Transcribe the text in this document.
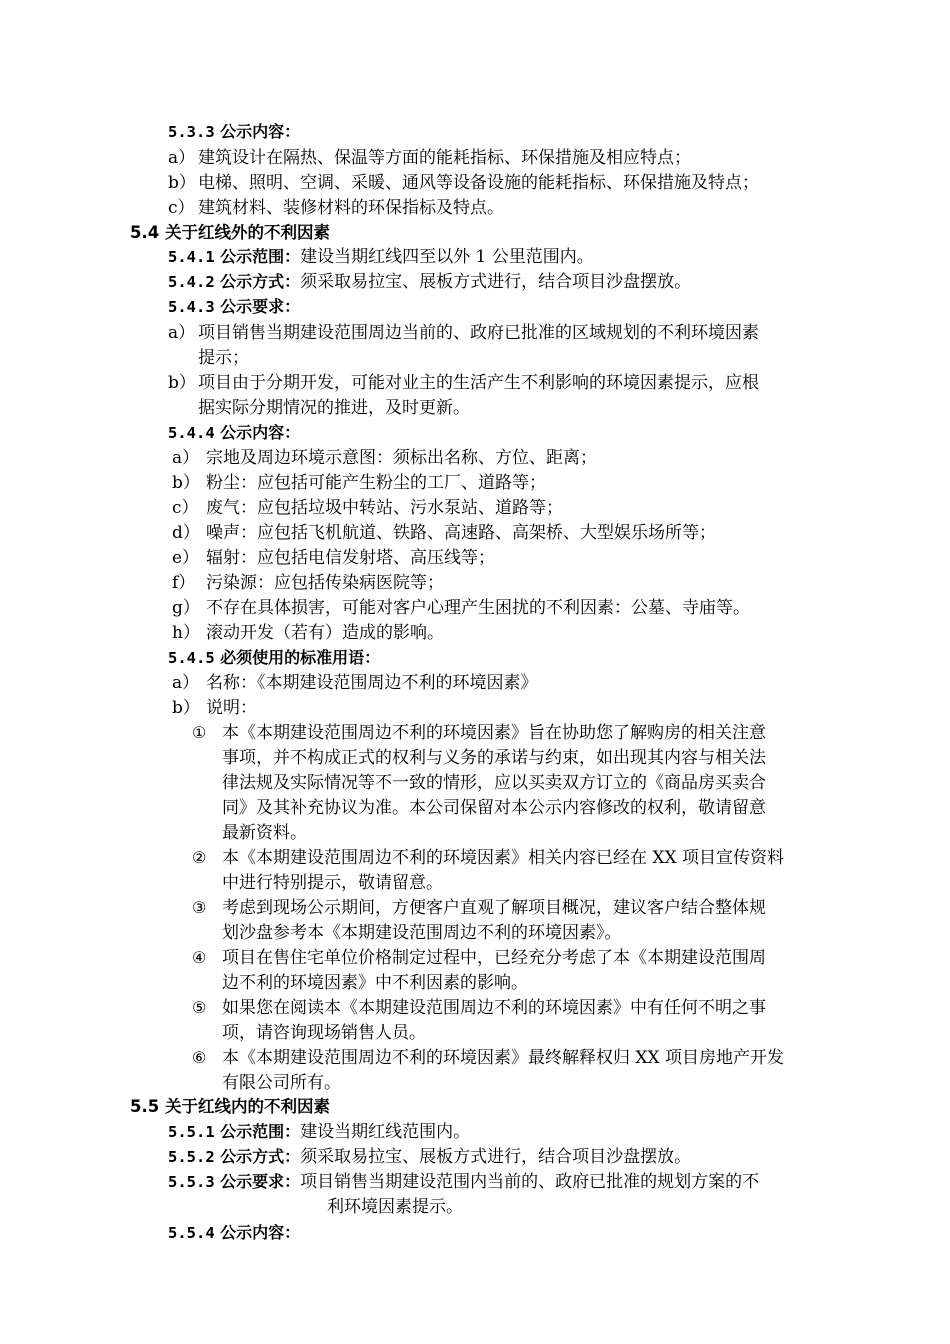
5.3.3 公示内容：
a） 建筑设计在隔热、保温等方面的能耗指标、环保措施及相应特点；
b） 电梯、照明、空调、采暖、通风等设备设施的能耗指标、环保措施及特点；
c） 建筑材料、装修材料的环保指标及特点。
5.4 关于红线外的不利因素
5.4.1 公示范围：建设当期红线四至以外 1 公里范围内。
5.4.2 公示方式：须采取易拉宝、展板方式进行，结合项目沙盘摆放。
5.4.3 公示要求：
a） 项目销售当期建设范围周边当前的、政府已批准的区域规划的不利环境因素
提示；
b） 项目由于分期开发，可能对业主的生活产生不利影响的环境因素提示，应根
据实际分期情况的推进，及时更新。
5.4.4 公示内容：
a） 宗地及周边环境示意图：须标出名称、方位、距离；
b） 粉尘：应包括可能产生粉尘的工厂、道路等；
c） 废气：应包括垃圾中转站、污水泵站、道路等；
d） 噪声：应包括飞机航道、铁路、高速路、高架桥、大型娱乐场所等；
e） 辐射：应包括电信发射塔、高压线等；
f） 污染源：应包括传染病医院等；
g） 不存在具体损害，可能对客户心理产生困扰的不利因素：公墓、寺庙等。
h） 滚动开发（若有）造成的影响。
5.4.5 必须使用的标准用语：
a） 名称：《本期建设范围周边不利的环境因素》
b） 说明：
① 本《本期建设范围周边不利的环境因素》旨在协助您了解购房的相关注意
事项，并不构成正式的权利与义务的承诺与约束，如出现其内容与相关法
律法规及实际情况等不一致的情形，应以买卖双方订立的《商品房买卖合
同》及其补充协议为准。本公司保留对本公示内容修改的权利，敬请留意
最新资料。
② 本《本期建设范围周边不利的环境因素》相关内容已经在 XX 项目宣传资料
中进行特别提示，敬请留意。
③ 考虑到现场公示期间，方便客户直观了解项目概况，建议客户结合整体规
划沙盘参考本《本期建设范围周边不利的环境因素》。
④ 项目在售住宅单位价格制定过程中，已经充分考虑了本《本期建设范围周
边不利的环境因素》中不利因素的影响。
⑤ 如果您在阅读本《本期建设范围周边不利的环境因素》中有任何不明之事
项，请咨询现场销售人员。
⑥ 本《本期建设范围周边不利的环境因素》最终解释权归 XX 项目房地产开发
有限公司所有。
5.5 关于红线内的不利因素
5.5.1 公示范围：建设当期红线范围内。
5.5.2 公示方式：须采取易拉宝、展板方式进行，结合项目沙盘摆放。
5.5.3 公示要求：项目销售当期建设范围内当前的、政府已批准的规划方案的不
利环境因素提示。
5.5.4 公示内容：
